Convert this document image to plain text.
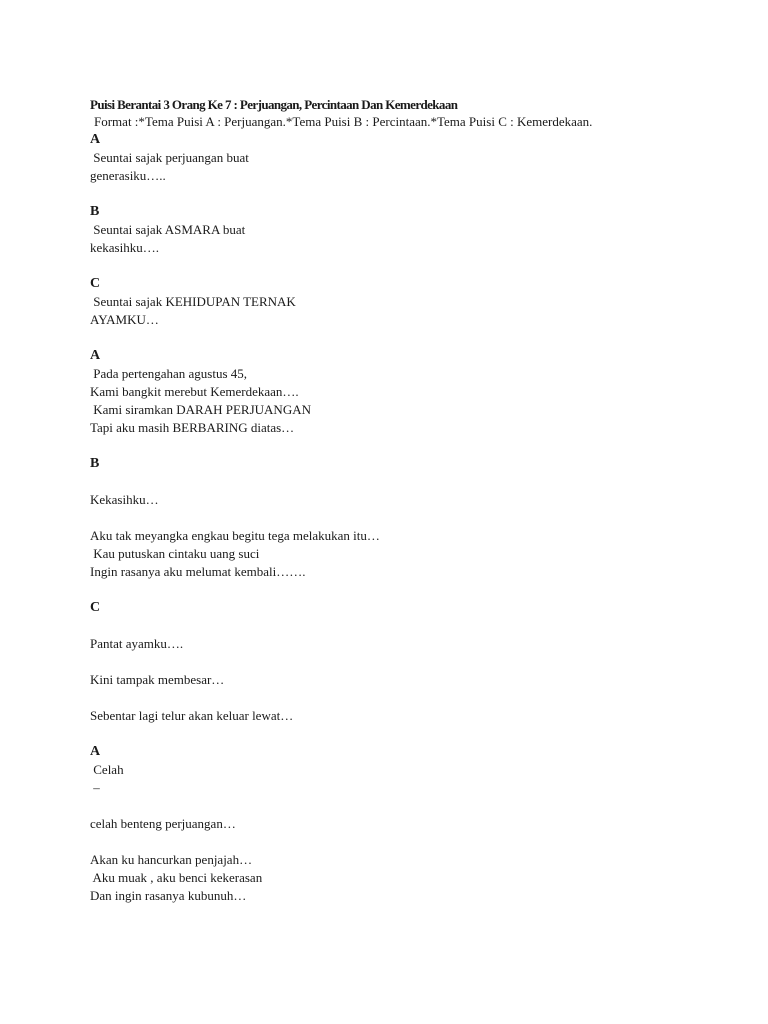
Puisi Berantai 3 Orang Ke 7 : Perjuangan, Percintaan Dan Kemerdekaan
Format :*Tema Puisi A : Perjuangan.*Tema Puisi B : Percintaan.*Tema Puisi C : Kemerdekaan.
A
Seuntai sajak perjuangan buat
generasiku…..
B
Seuntai sajak ASMARA buat
kekasihku….
C
Seuntai sajak KEHIDUPAN TERNAK
AYAMKU…
A
Pada pertengahan agustus 45,
Kami bangkit merebut Kemerdekaan….
Kami siramkan DARAH PERJUANGAN
Tapi aku masih BERBARING diatas…
B
Kekasihku…
Aku tak meyangka engkau begitu tega melakukan itu…
Kau putuskan cintaku uang suci
Ingin rasanya aku melumat kembali…….
C
Pantat ayamku….
Kini tampak membesar…
Sebentar lagi telur akan keluar lewat…
A
Celah
–
celah benteng perjuangan…
Akan ku hancurkan penjajah…
Aku muak , aku benci kekerasan
Dan ingin rasanya kubunuh…
